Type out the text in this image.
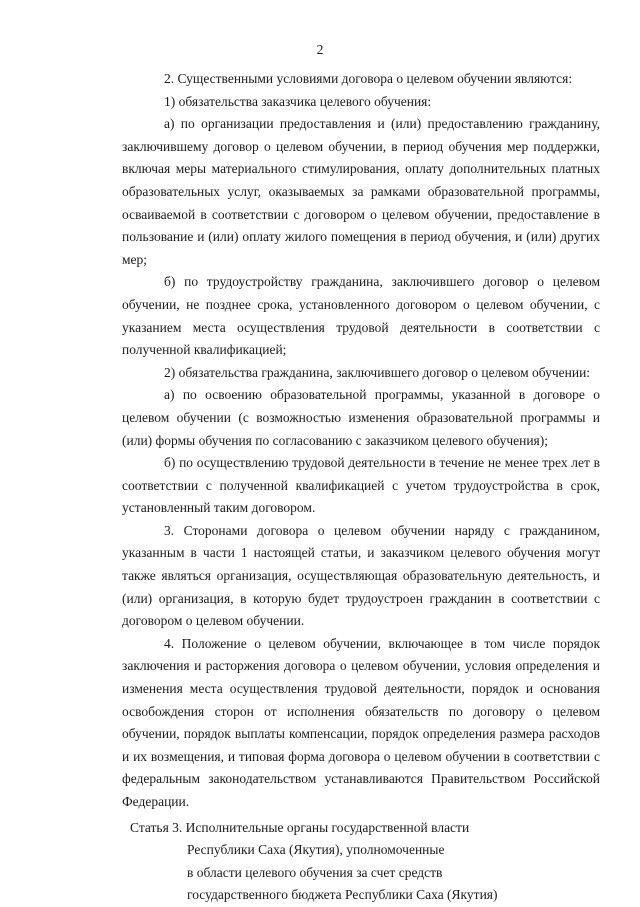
2

2. Существенными условиями договора о целевом обучении являются:

1) обязательства заказчика целевого обучения:

а) по организации предоставления и (или) предоставлению гражданину, заключившему договор о целевом обучении, в период обучения мер поддержки, включая меры материального стимулирования, оплату дополнительных платных образовательных услуг, оказываемых за рамками образовательной программы, осваиваемой в соответствии с договором о целевом обучении, предоставление в пользование и (или) оплату жилого помещения в период обучения, и (или) других мер;

б) по трудоустройству гражданина, заключившего договор о целевом обучении, не позднее срока, установленного договором о целевом обучении, с указанием места осуществления трудовой деятельности в соответствии с полученной квалификацией;

2) обязательства гражданина, заключившего договор о целевом обучении:

а) по освоению образовательной программы, указанной в договоре о целевом обучении (с возможностью изменения образовательной программы и (или) формы обучения по согласованию с заказчиком целевого обучения);

б) по осуществлению трудовой деятельности в течение не менее трех лет в соответствии с полученной квалификацией с учетом трудоустройства в срок, установленный таким договором.

3. Сторонами договора о целевом обучении наряду с гражданином, указанным в части 1 настоящей статьи, и заказчиком целевого обучения могут также являться организация, осуществляющая образовательную деятельность, и (или) организация, в которую будет трудоустроен гражданин в соответствии с договором о целевом обучении.

4. Положение о целевом обучении, включающее в том числе порядок заключения и расторжения договора о целевом обучении, условия определения и изменения места осуществления трудовой деятельности, порядок и основания освобождения сторон от исполнения обязательств по договору о целевом обучении, порядок выплаты компенсации, порядок определения размера расходов и их возмещения, и типовая форма договора о целевом обучении в соответствии с федеральным законодательством устанавливаются Правительством Российской Федерации.

Статья 3. Исполнительные органы государственной власти
Республики Саха (Якутия), уполномоченные
в области целевого обучения за счет средств
государственного бюджета Республики Саха (Якутия)
